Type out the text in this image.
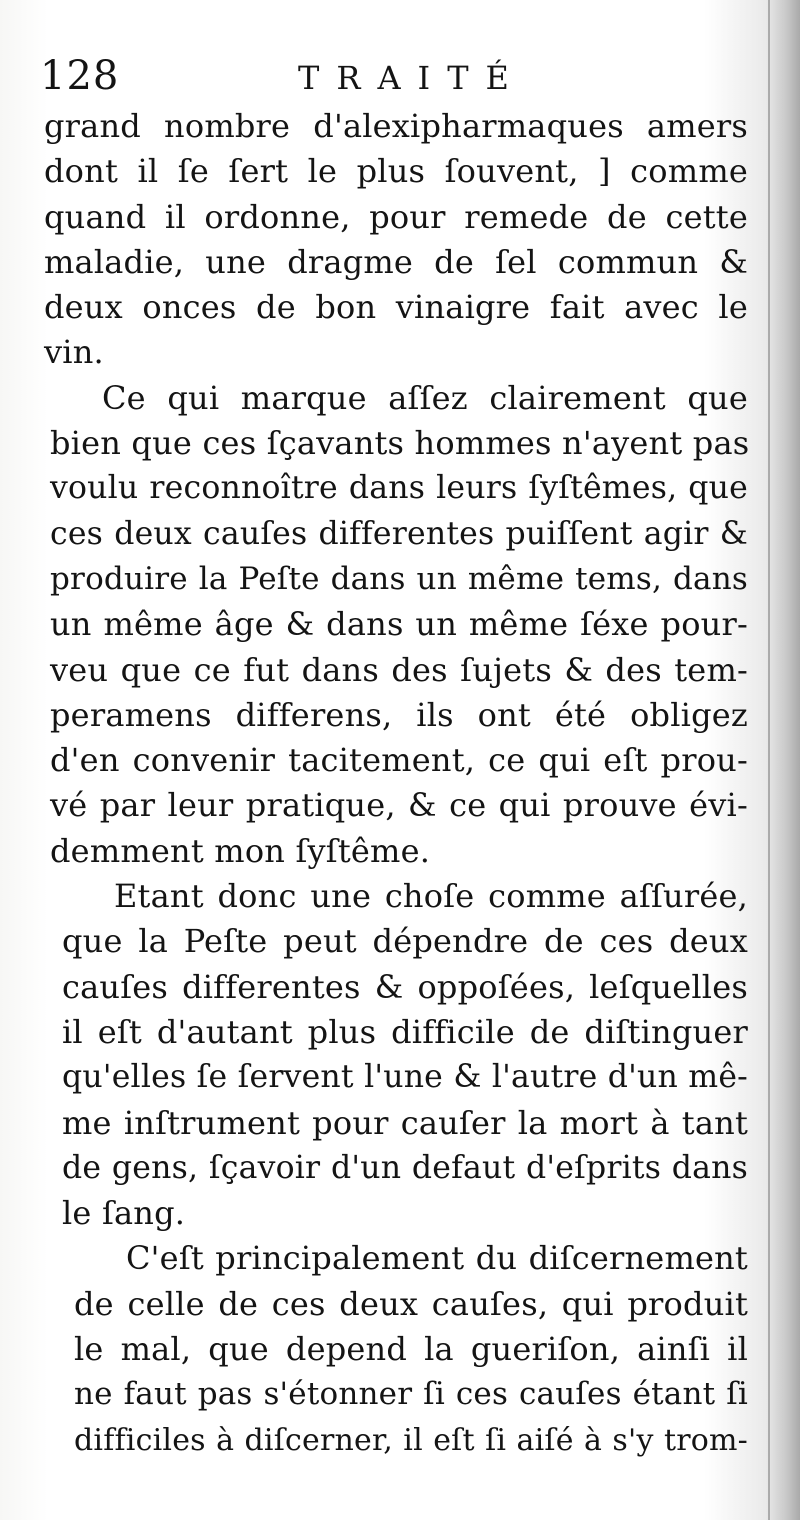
128	TRAITÉ
grand nombre d'alexipharmaques amers
dont il ſe ſert le plus ſouvent, ] comme
quand il ordonne, pour remede de cette
maladie, une dragme de ſel commun &
deux onces de bon vinaigre fait avec le
vin.
Ce qui marque aſſez clairement que
bien que ces ſçavants hommes n'ayent pas
voulu reconnoître dans leurs ſyſtêmes, que
ces deux cauſes differentes puiſſent agir &
produire la Peſte dans un même tems, dans
un même âge & dans un même ſéxe pour-
veu que ce fut dans des ſujets & des tem-
peramens differens, ils ont été obligez
d'en convenir tacitement, ce qui eſt prou-
vé par leur pratique, & ce qui prouve évi-
demment mon ſyſtême.
Etant donc une choſe comme aſſurée,
que la Peſte peut dépendre de ces deux
cauſes differentes & oppoſées, leſquelles
il eſt d'autant plus difficile de diſtinguer
qu'elles ſe ſervent l'une & l'autre d'un mê-
me inſtrument pour cauſer la mort à tant
de gens, ſçavoir d'un defaut d'eſprits dans
le ſang.
C'eſt principalement du diſcernement
de celle de ces deux cauſes, qui produit
le mal, que depend la gueriſon, ainſi il
ne faut pas s'étonner ſi ces cauſes étant ſi
difficiles à diſcerner, il eſt ſi aiſé à s'y trom-
